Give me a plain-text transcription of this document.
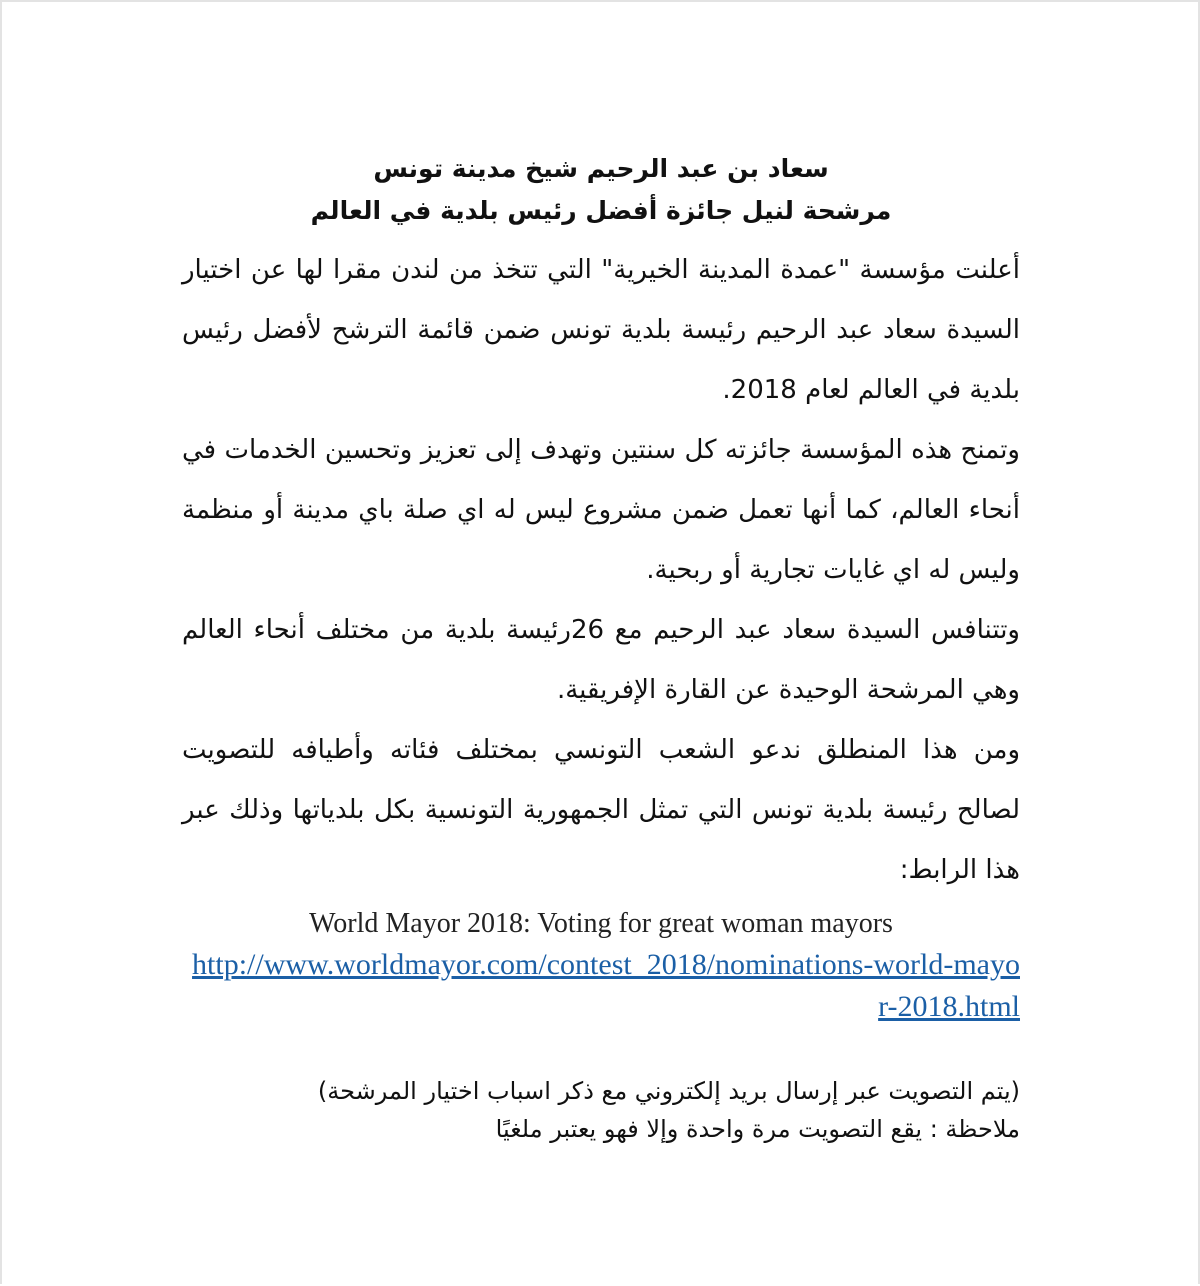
سعاد بن عبد الرحيم شيخ مدينة تونس
مرشحة لنيل جائزة أفضل رئيس بلدية في العالم

أعلنت مؤسسة "عمدة المدينة الخيرية" التي تتخذ من لندن مقرا لها عن اختيار السيدة سعاد عبد الرحيم رئيسة بلدية تونس ضمن قائمة الترشح لأفضل رئيس بلدية في العالم لعام 2018.

وتمنح هذه المؤسسة جائزته كل سنتين وتهدف إلى تعزيز وتحسين الخدمات في أنحاء العالم، كما أنها تعمل ضمن مشروع ليس له اي صلة باي مدينة أو منظمة وليس له اي غايات تجارية أو ربحية.

وتتنافس السيدة سعاد عبد الرحيم مع 26رئيسة بلدية من مختلف أنحاء العالم وهي المرشحة الوحيدة عن القارة الإفريقية.

ومن هذا المنطلق ندعو الشعب التونسي بمختلف فئاته وأطيافه للتصويت لصالح رئيسة بلدية تونس التي تمثل الجمهورية التونسية بكل بلدياتها وذلك عبر هذا الرابط:

World Mayor 2018: Voting for great woman mayors
http://www.worldmayor.com/contest_2018/nominations-world-mayor-2018.html

(يتم التصويت عبر إرسال بريد إلكتروني مع ذكر اسباب اختيار المرشحة)

ملاحظة : يقع التصويت مرة واحدة وإلا فهو يعتبر ملغيًا
